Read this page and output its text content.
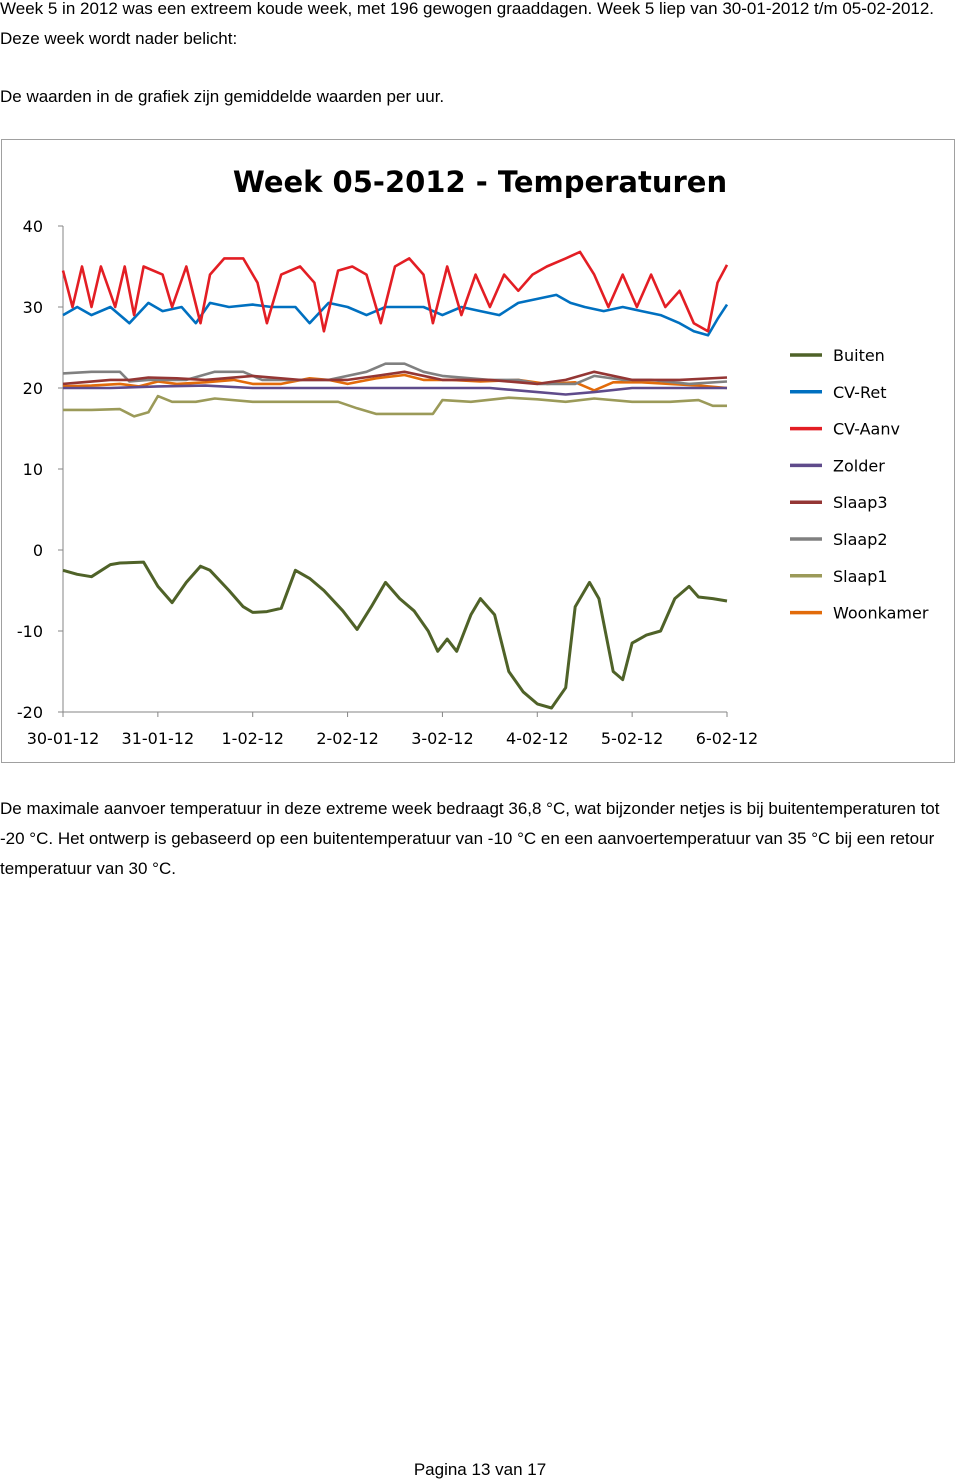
Week 5 in 2012 was een extreem koude week, met 196 gewogen graaddagen. Week 5 liep van 30-01-2012 t/m 05-02-2012. Deze week wordt nader belicht:

De waarden in de grafiek zijn gemiddelde waarden per uur.

Week 05-2012 - Temperaturen
40
30
20
10
0
-10
-20
30-01-12 31-01-12 1-02-12 2-02-12 3-02-12 4-02-12 5-02-12 6-02-12
Buiten
CV-Ret
CV-Aanv
Zolder
Slaap3
Slaap2
Slaap1
Woonkamer

De maximale aanvoer temperatuur in deze extreme week bedraagt 36,8 °C, wat bijzonder netjes is bij buitentemperaturen tot -20 °C. Het ontwerp is gebaseerd op een buitentemperatuur van -10 °C en een aanvoertemperatuur van 35 °C bij een retour temperatuur van 30 °C.

Pagina 13 van 17
